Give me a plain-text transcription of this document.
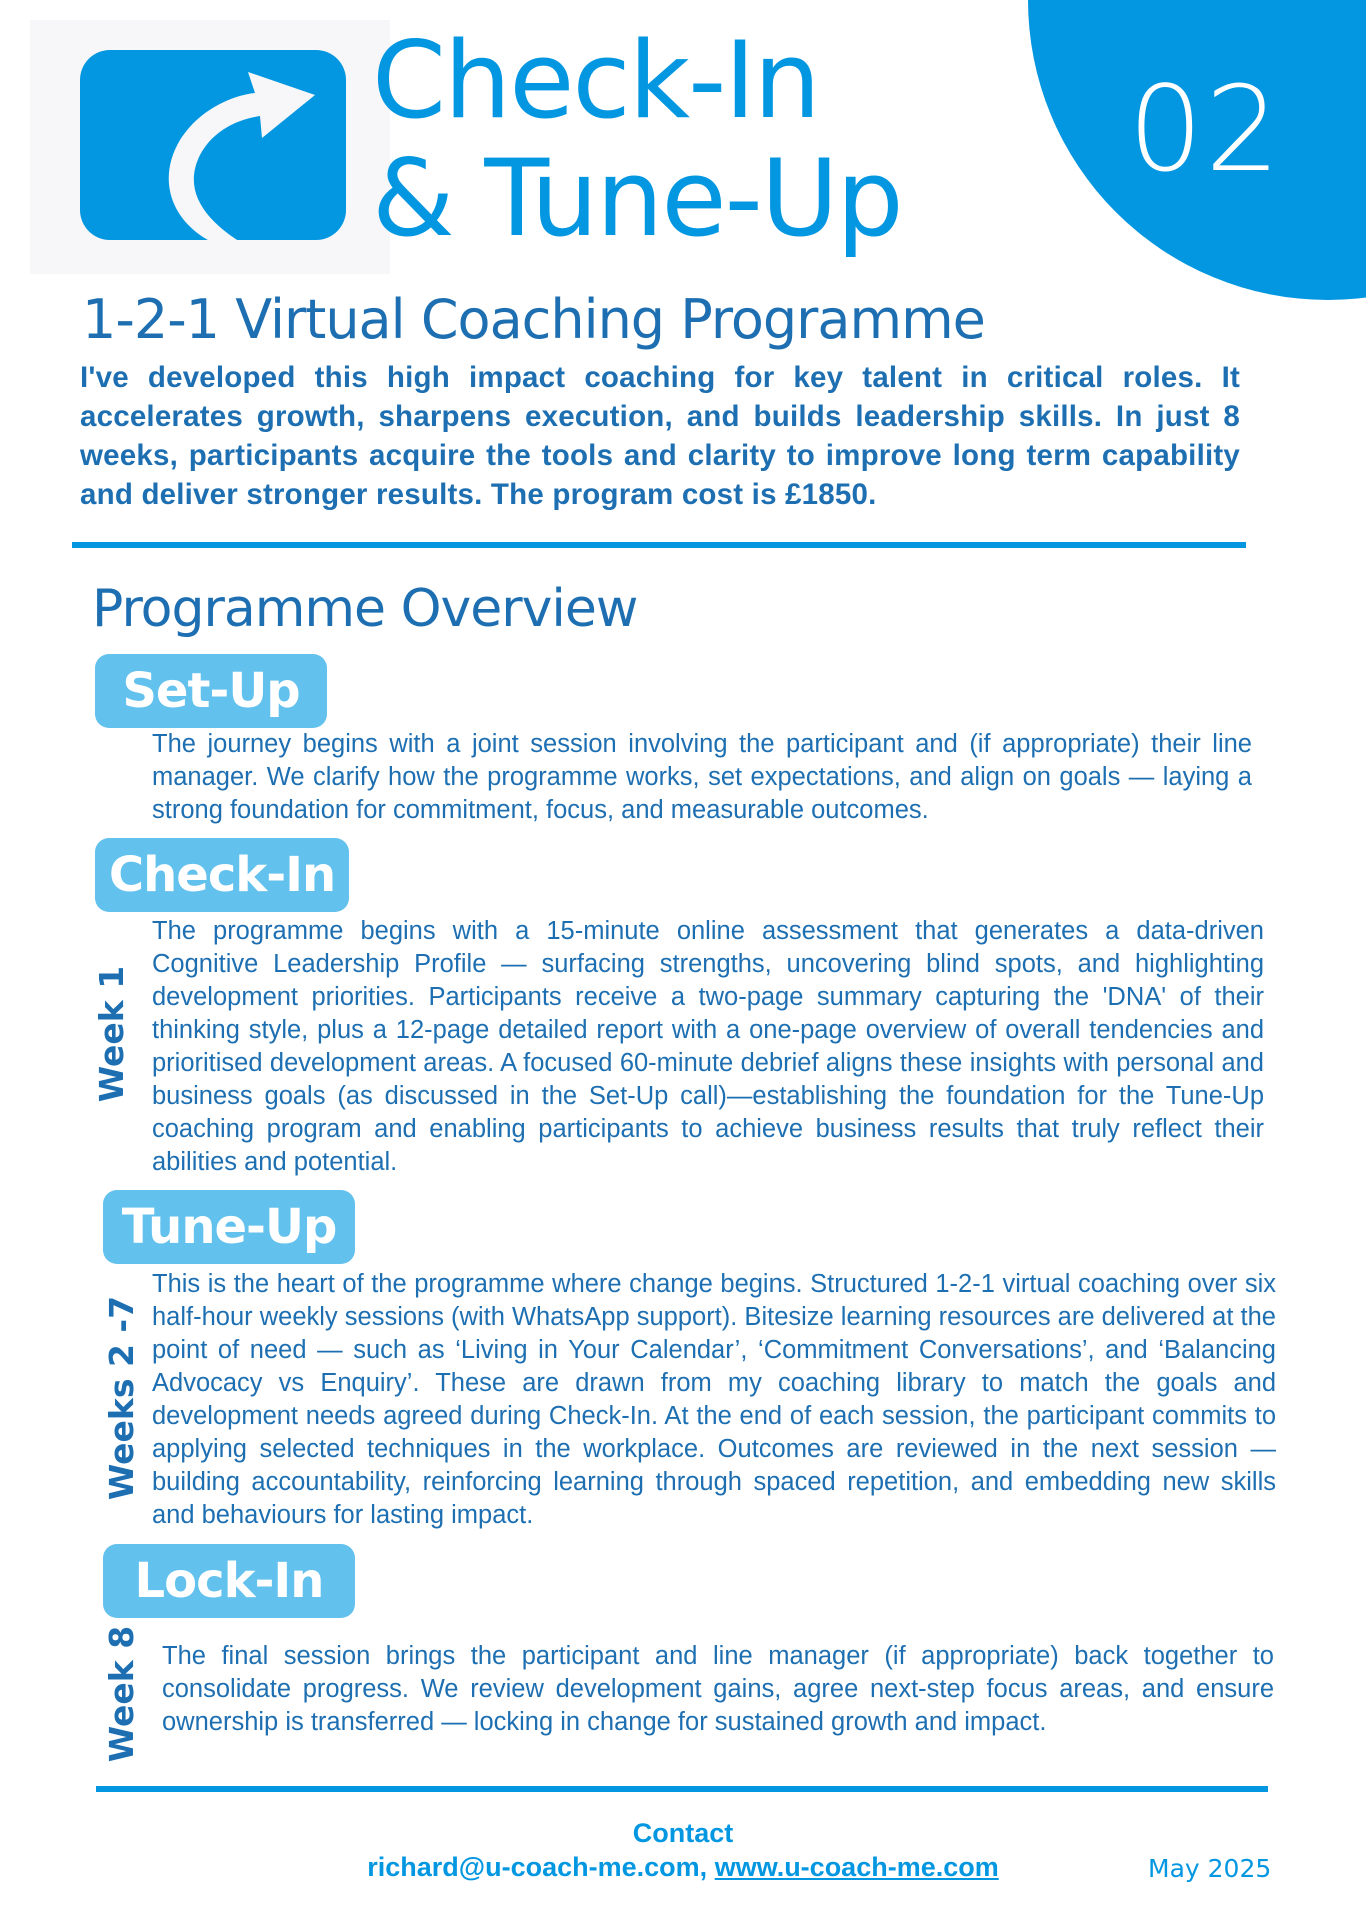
02
Check-In
& Tune-Up
1-2-1 Virtual Coaching Programme
I've developed this high impact coaching for key talent in critical roles. It accelerates growth, sharpens execution, and builds leadership skills. In just 8 weeks, participants acquire the tools and clarity to improve long term capability and deliver stronger results. The program cost is £1850.
Programme Overview
Set-Up
The journey begins with a joint session involving the participant and (if appropriate) their line manager. We clarify how the programme works, set expectations, and align on goals — laying a strong foundation for commitment, focus, and measurable outcomes.
Check-In
Week 1
The programme begins with a 15-minute online assessment that generates a data-driven Cognitive Leadership Profile — surfacing strengths, uncovering blind spots, and highlighting development priorities. Participants receive a two-page summary capturing the 'DNA' of their thinking style, plus a 12-page detailed report with a one-page overview of overall tendencies and prioritised development areas. A focused 60-minute debrief aligns these insights with personal and business goals (as discussed in the Set-Up call)—establishing the foundation for the Tune-Up coaching program and enabling participants to achieve business results that truly reflect their abilities and potential.
Tune-Up
Weeks 2 -7
This is the heart of the programme where change begins. Structured 1-2-1 virtual coaching over six half-hour weekly sessions (with WhatsApp support). Bitesize learning resources are delivered at the point of need — such as ‘Living in Your Calendar’, ‘Commitment Conversations’, and ‘Balancing Advocacy vs Enquiry’. These are drawn from my coaching library to match the goals and development needs agreed during Check-In. At the end of each session, the participant commits to applying selected techniques in the workplace. Outcomes are reviewed in the next session — building accountability, reinforcing learning through spaced repetition, and embedding new skills and behaviours for lasting impact.
Lock-In
Week 8 The final session brings the participant and line manager (if appropriate) back together to consolidate progress. We review development gains, agree next-step focus areas, and ensure ownership is transferred — locking in change for sustained growth and impact.
Contact
richard@u-coach-me.com, www.u-coach-me.com	May 2025
